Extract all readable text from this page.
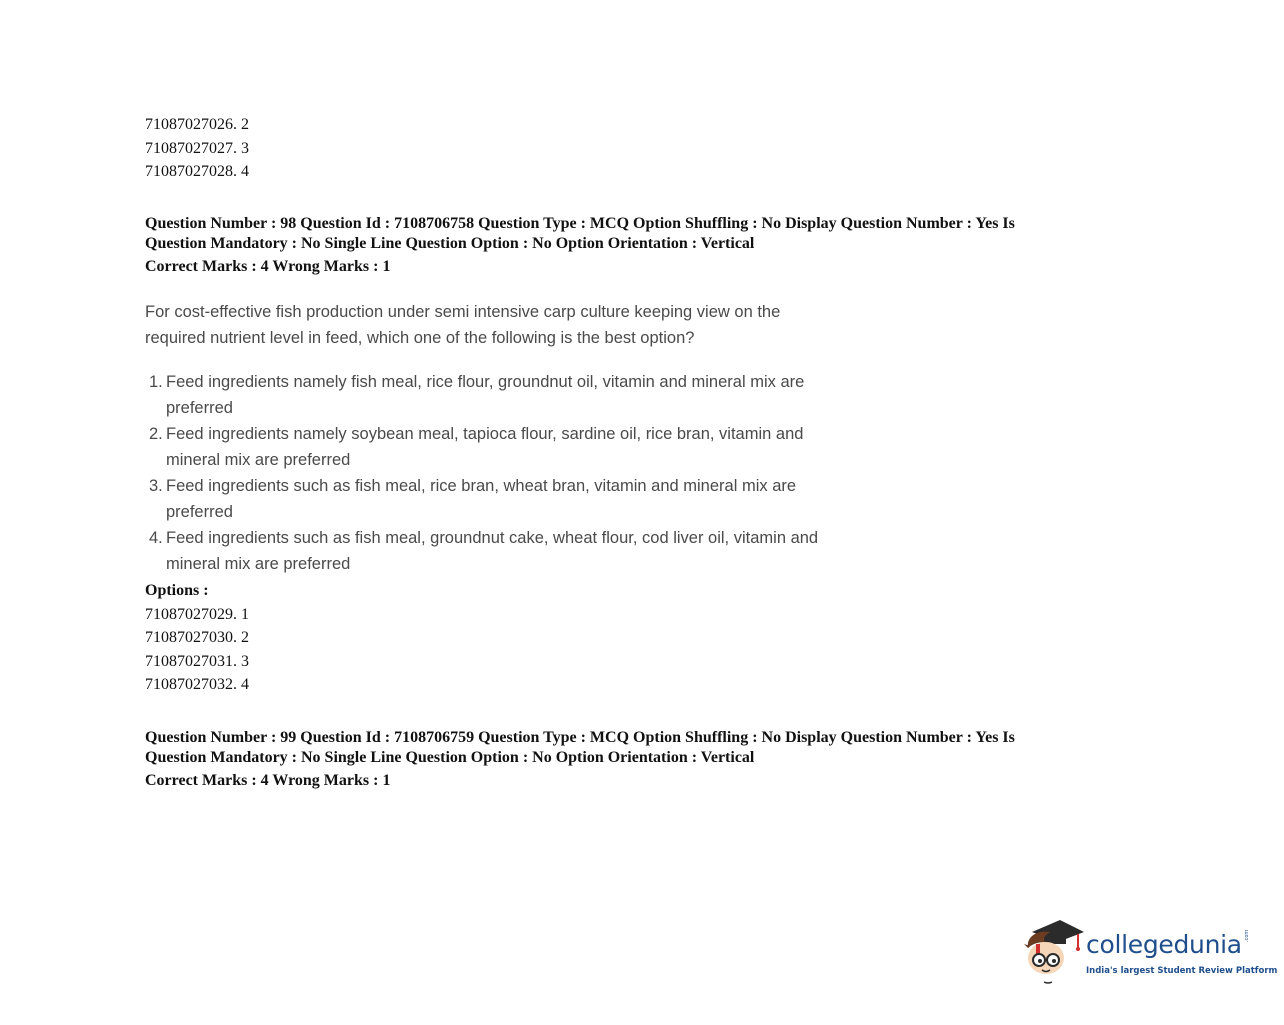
71087027026. 2
71087027027. 3
71087027028. 4
Question Number : 98 Question Id : 7108706758 Question Type : MCQ Option Shuffling : No Display Question Number : Yes Is
Question Mandatory : No Single Line Question Option : No Option Orientation : Vertical
Correct Marks : 4 Wrong Marks : 1
For cost-effective fish production under semi intensive carp culture keeping view on the
required nutrient level in feed, which one of the following is the best option?
1. Feed ingredients namely fish meal, rice flour, groundnut oil, vitamin and mineral mix are
preferred
2. Feed ingredients namely soybean meal, tapioca flour, sardine oil, rice bran, vitamin and
mineral mix are preferred
3. Feed ingredients such as fish meal, rice bran, wheat bran, vitamin and mineral mix are
preferred
4. Feed ingredients such as fish meal, groundnut cake, wheat flour, cod liver oil, vitamin and
mineral mix are preferred
Options :
71087027029. 1
71087027030. 2
71087027031. 3
71087027032. 4
Question Number : 99 Question Id : 7108706759 Question Type : MCQ Option Shuffling : No Display Question Number : Yes Is
Question Mandatory : No Single Line Question Option : No Option Orientation : Vertical
Correct Marks : 4 Wrong Marks : 1
collegedunia .com
India's largest Student Review Platform
